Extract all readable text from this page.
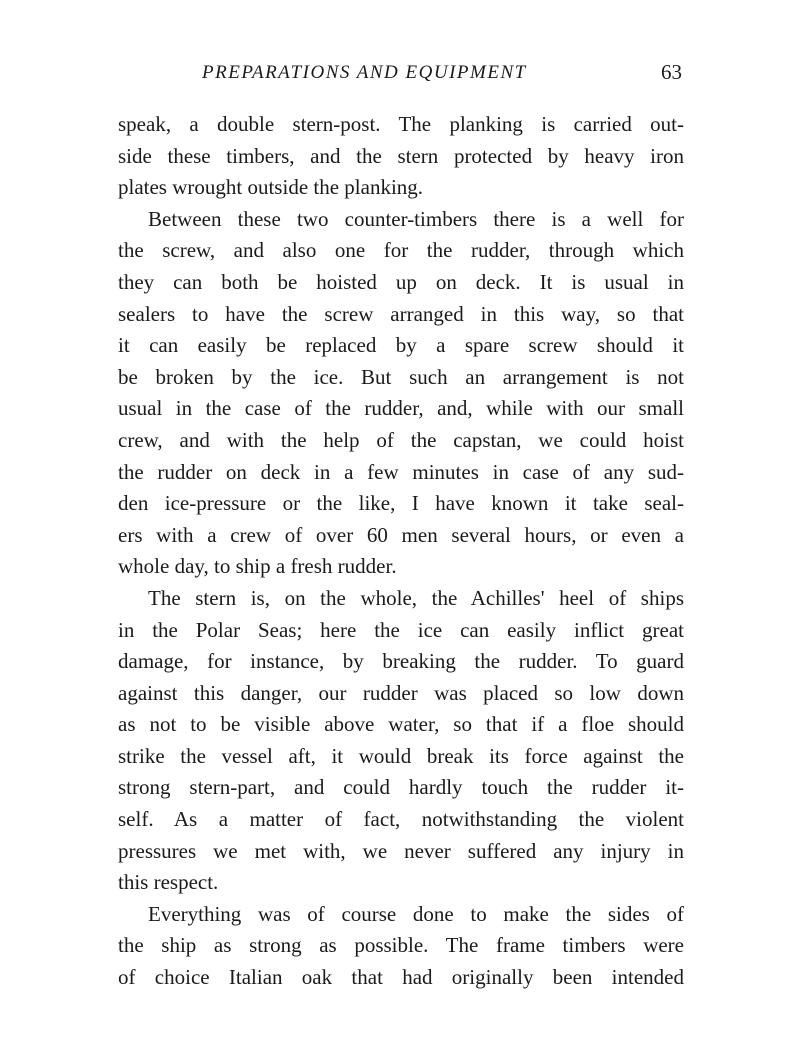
PREPARATIONS AND EQUIPMENT	63
speak, a double stern-post. The planking is carried out-
side these timbers, and the stern protected by heavy iron
plates wrought outside the planking.
Between these two counter-timbers there is a well for
the screw, and also one for the rudder, through which
they can both be hoisted up on deck. It is usual in
sealers to have the screw arranged in this way, so that
it can easily be replaced by a spare screw should it
be broken by the ice. But such an arrangement is not
usual in the case of the rudder, and, while with our small
crew, and with the help of the capstan, we could hoist
the rudder on deck in a few minutes in case of any sud-
den ice-pressure or the like, I have known it take seal-
ers with a crew of over 60 men several hours, or even a
whole day, to ship a fresh rudder.
The stern is, on the whole, the Achilles' heel of ships
in the Polar Seas; here the ice can easily inflict great
damage, for instance, by breaking the rudder. To guard
against this danger, our rudder was placed so low down
as not to be visible above water, so that if a floe should
strike the vessel aft, it would break its force against the
strong stern-part, and could hardly touch the rudder it-
self. As a matter of fact, notwithstanding the violent
pressures we met with, we never suffered any injury in
this respect.
Everything was of course done to make the sides of
the ship as strong as possible. The frame timbers were
of choice Italian oak that had originally been intended
